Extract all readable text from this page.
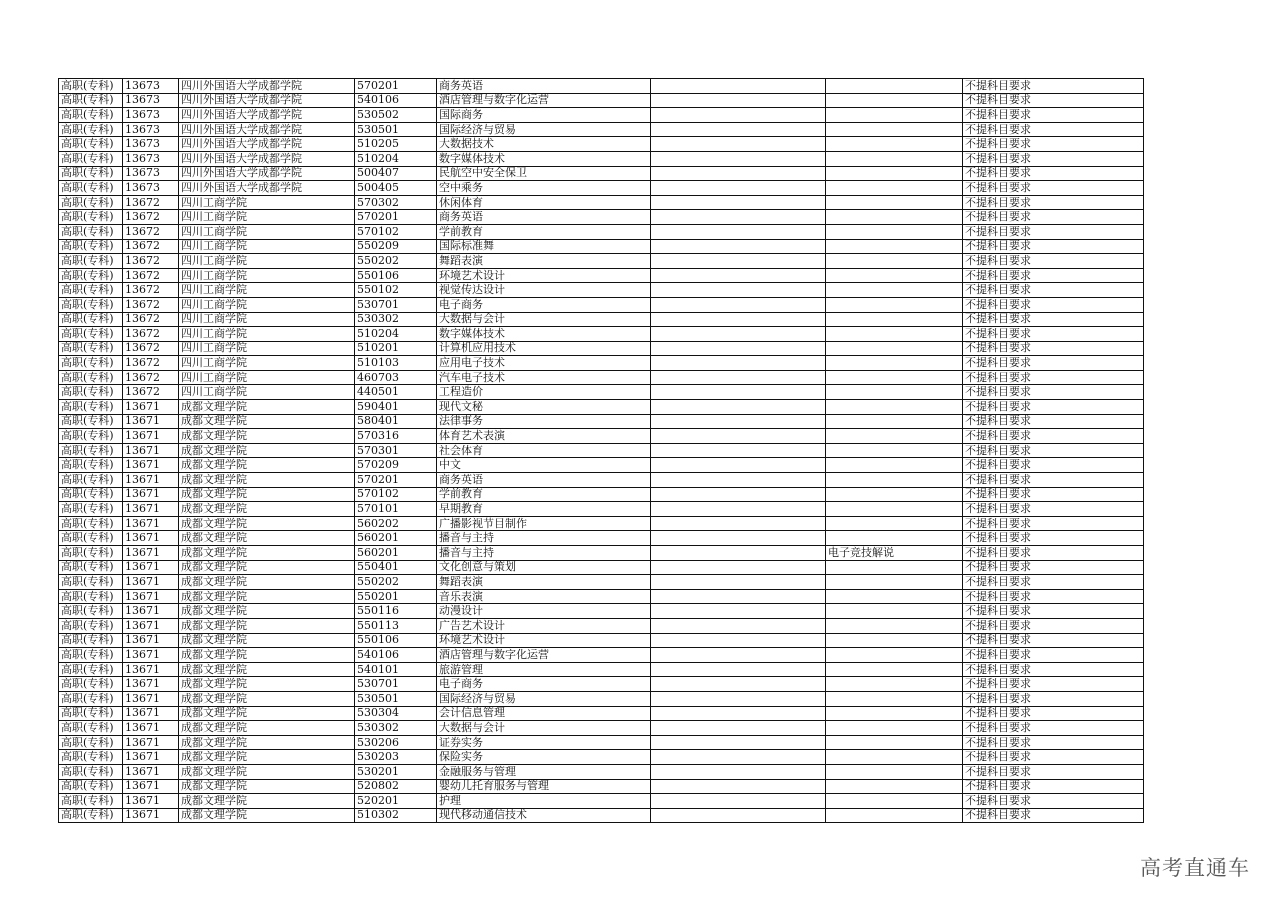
高职(专科)	13673	四川外国语大学成都学院	570201	商务英语			不提科目要求
高职(专科)	13673	四川外国语大学成都学院	540106	酒店管理与数字化运营			不提科目要求
高职(专科)	13673	四川外国语大学成都学院	530502	国际商务			不提科目要求
高职(专科)	13673	四川外国语大学成都学院	530501	国际经济与贸易			不提科目要求
高职(专科)	13673	四川外国语大学成都学院	510205	大数据技术			不提科目要求
高职(专科)	13673	四川外国语大学成都学院	510204	数字媒体技术			不提科目要求
高职(专科)	13673	四川外国语大学成都学院	500407	民航空中安全保卫			不提科目要求
高职(专科)	13673	四川外国语大学成都学院	500405	空中乘务			不提科目要求
高职(专科)	13672	四川工商学院	570302	休闲体育			不提科目要求
高职(专科)	13672	四川工商学院	570201	商务英语			不提科目要求
高职(专科)	13672	四川工商学院	570102	学前教育			不提科目要求
高职(专科)	13672	四川工商学院	550209	国际标准舞			不提科目要求
高职(专科)	13672	四川工商学院	550202	舞蹈表演			不提科目要求
高职(专科)	13672	四川工商学院	550106	环境艺术设计			不提科目要求
高职(专科)	13672	四川工商学院	550102	视觉传达设计			不提科目要求
高职(专科)	13672	四川工商学院	530701	电子商务			不提科目要求
高职(专科)	13672	四川工商学院	530302	大数据与会计			不提科目要求
高职(专科)	13672	四川工商学院	510204	数字媒体技术			不提科目要求
高职(专科)	13672	四川工商学院	510201	计算机应用技术			不提科目要求
高职(专科)	13672	四川工商学院	510103	应用电子技术			不提科目要求
高职(专科)	13672	四川工商学院	460703	汽车电子技术			不提科目要求
高职(专科)	13672	四川工商学院	440501	工程造价			不提科目要求
高职(专科)	13671	成都文理学院	590401	现代文秘			不提科目要求
高职(专科)	13671	成都文理学院	580401	法律事务			不提科目要求
高职(专科)	13671	成都文理学院	570316	体育艺术表演			不提科目要求
高职(专科)	13671	成都文理学院	570301	社会体育			不提科目要求
高职(专科)	13671	成都文理学院	570209	中文			不提科目要求
高职(专科)	13671	成都文理学院	570201	商务英语			不提科目要求
高职(专科)	13671	成都文理学院	570102	学前教育			不提科目要求
高职(专科)	13671	成都文理学院	570101	早期教育			不提科目要求
高职(专科)	13671	成都文理学院	560202	广播影视节目制作			不提科目要求
高职(专科)	13671	成都文理学院	560201	播音与主持			不提科目要求
高职(专科)	13671	成都文理学院	560201	播音与主持		电子竞技解说	不提科目要求
高职(专科)	13671	成都文理学院	550401	文化创意与策划			不提科目要求
高职(专科)	13671	成都文理学院	550202	舞蹈表演			不提科目要求
高职(专科)	13671	成都文理学院	550201	音乐表演			不提科目要求
高职(专科)	13671	成都文理学院	550116	动漫设计			不提科目要求
高职(专科)	13671	成都文理学院	550113	广告艺术设计			不提科目要求
高职(专科)	13671	成都文理学院	550106	环境艺术设计			不提科目要求
高职(专科)	13671	成都文理学院	540106	酒店管理与数字化运营			不提科目要求
高职(专科)	13671	成都文理学院	540101	旅游管理			不提科目要求
高职(专科)	13671	成都文理学院	530701	电子商务			不提科目要求
高职(专科)	13671	成都文理学院	530501	国际经济与贸易			不提科目要求
高职(专科)	13671	成都文理学院	530304	会计信息管理			不提科目要求
高职(专科)	13671	成都文理学院	530302	大数据与会计			不提科目要求
高职(专科)	13671	成都文理学院	530206	证券实务			不提科目要求
高职(专科)	13671	成都文理学院	530203	保险实务			不提科目要求
高职(专科)	13671	成都文理学院	530201	金融服务与管理			不提科目要求
高职(专科)	13671	成都文理学院	520802	婴幼儿托育服务与管理			不提科目要求
高职(专科)	13671	成都文理学院	520201	护理			不提科目要求
高职(专科)	13671	成都文理学院	510302	现代移动通信技术			不提科目要求
高考直通车
